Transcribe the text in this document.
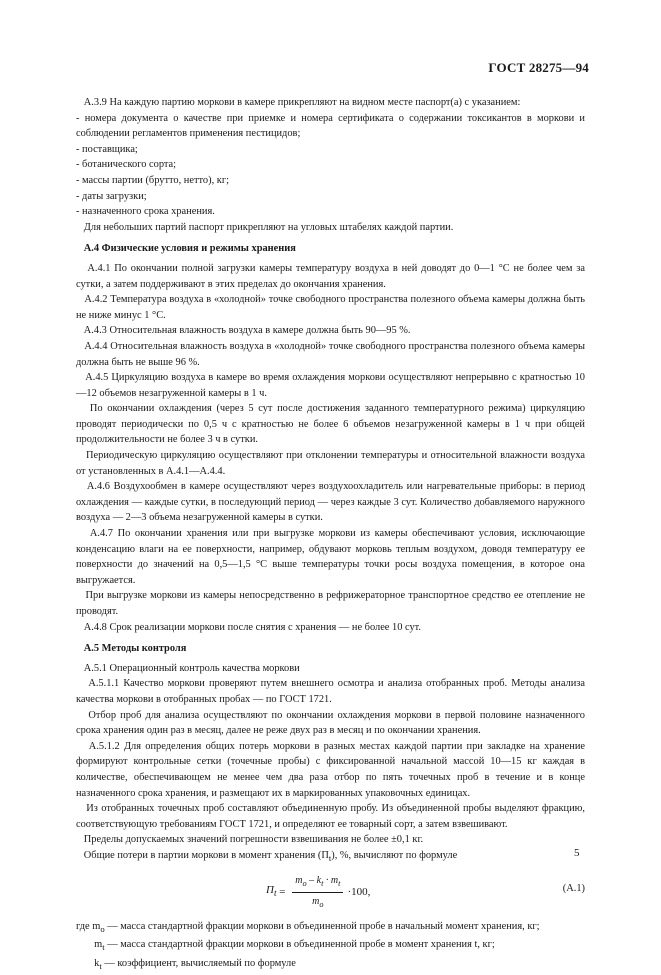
ГОСТ 28275—94

А.3.9 На каждую партию моркови в камере прикрепляют на видном месте паспорт(а) с указанием:

- номера документа о качестве при приемке и номера сертификата о содержании токсикантов в моркови и соблюдении регламентов применения пестицидов;

- поставщика;

- ботанического сорта;

- массы партии (брутто, нетто), кг;

- даты загрузки;

- назначенного срока хранения.

Для небольших партий паспорт прикрепляют на угловых штабелях каждой партии.

А.4 Физические условия и режимы хранения

А.4.1 По окончании полной загрузки камеры температуру воздуха в ней доводят до 0—1 °С не более чем за сутки, а затем поддерживают в этих пределах до окончания хранения.

А.4.2 Температура воздуха в «холодной» точке свободного пространства полезного объема камеры должна быть не ниже минус 1 °С.

А.4.3 Относительная влажность воздуха в камере должна быть 90—95 %.

А.4.4 Относительная влажность воздуха в «холодной» точке свободного пространства полезного объема камеры должна быть не выше 96 %.

А.4.5 Циркуляцию воздуха в камере во время охлаждения моркови осуществляют непрерывно с кратностью 10—12 объемов незагруженной камеры в 1 ч.

По окончании охлаждения (через 5 сут после достижения заданного температурного режима) циркуляцию проводят периодически по 0,5 ч с кратностью не более 6 объемов незагруженной камеры в 1 ч при общей продолжительности не более 3 ч в сутки.

Периодическую циркуляцию осуществляют при отклонении температуры и относительной влажности воздуха от установленных в А.4.1—А.4.4.

А.4.6 Воздухообмен в камере осуществляют через воздухоохладитель или нагревательные приборы: в период охлаждения — каждые сутки, в последующий период — через каждые 3 сут. Количество добавляемого наружного воздуха — 2—3 объема незагруженной камеры в сутки.

А.4.7 По окончании хранения или при выгрузке моркови из камеры обеспечивают условия, исключающие конденсацию влаги на ее поверхности, например, обдувают морковь теплым воздухом, доводя температуру ее поверхности до значений на 0,5—1,5 °С выше температуры точки росы воздуха помещения, в которое она выгружается.

При выгрузке моркови из камеры непосредственно в рефрижераторное транспортное средство ее отепление не проводят.

А.4.8 Срок реализации моркови после снятия с хранения — не более 10 сут.

А.5 Методы контроля

А.5.1 Операционный контроль качества моркови

А.5.1.1 Качество моркови проверяют путем внешнего осмотра и анализа отобранных проб. Методы анализа качества моркови в отобранных пробах — по ГОСТ 1721.

Отбор проб для анализа осуществляют по окончании охлаждения моркови в первой половине назначенного срока хранения один раз в месяц, далее не реже двух раз в месяц и по окончании хранения.

А.5.1.2 Для определения общих потерь моркови в разных местах каждой партии при закладке на хранение формируют контрольные сетки (точечные пробы) с фиксированной начальной массой 10—15 кг каждая в количестве, обеспечивающем не менее чем два раза отбор по пять точечных проб в течение и в конце назначенного срока хранения, и размещают их в маркированных упаковочных единицах.

Из отобранных точечных проб составляют объединенную пробу. Из объединенной пробы выделяют фракцию, соответствующую требованиям ГОСТ 1721, и определяют ее товарный сорт, а затем взвешивают.

Пределы допускаемых значений погрешности взвешивания не более ±0,1 кг.

Общие потери в партии моркови в момент хранения $(П_t)$, %, вычисляют по формуле

$П_t = \frac{m_o - k_t \cdot m_t}{m_o} \cdot 100$,	(А.1)

где $m_o$ — масса стандартной фракции моркови в объединенной пробе в начальный момент хранения, кг;

$m_t$ — масса стандартной фракции моркови в объединенной пробе в момент хранения t, кг;

$k_t$ — коэффициент, вычисляемый по формуле

5
